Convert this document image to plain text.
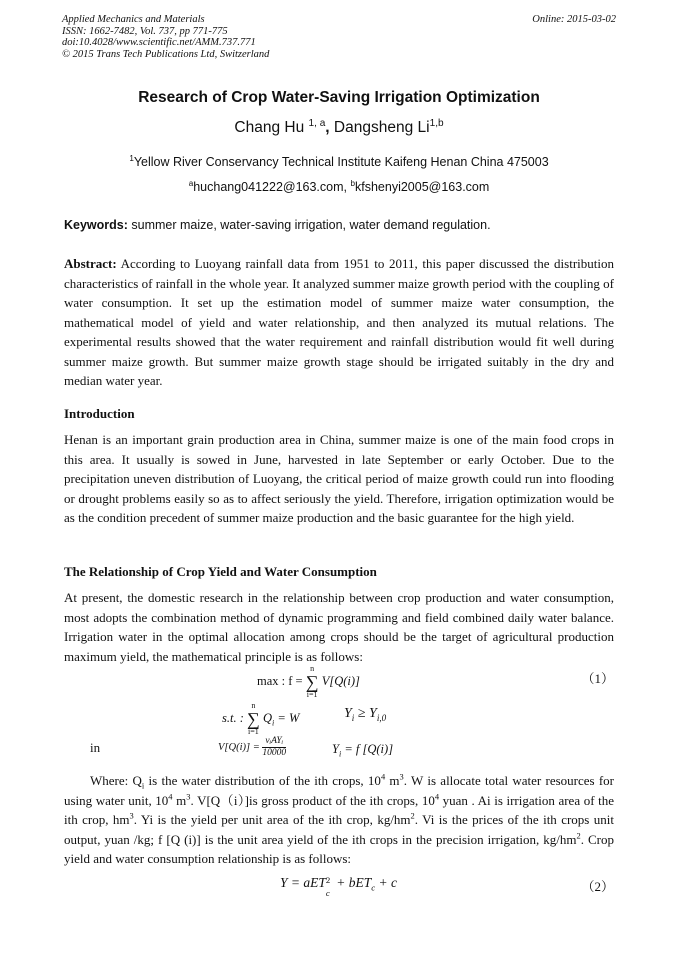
Applied Mechanics and Materials
ISSN: 1662-7482, Vol. 737, pp 771-775
doi:10.4028/www.scientific.net/AMM.737.771
© 2015 Trans Tech Publications Ltd, Switzerland
Online: 2015-03-02
Research of Crop Water-Saving Irrigation Optimization
Chang Hu $^{1, a}$, Dangsheng Li$^{1,b}$
$^1$Yellow River Conservancy Technical Institute Kaifeng Henan China 475003
$^a$huchang041222@163.com, $^b$kfshenyi2005@163.com
Keywords: summer maize, water-saving irrigation, water demand regulation.

Abstract: According to Luoyang rainfall data from 1951 to 2011, this paper discussed the distribution characteristics of rainfall in the whole year. It analyzed summer maize growth period with the coupling of water consumption. It set up the estimation model of summer maize water consumption, the mathematical model of yield and water relationship, and then analyzed its mutual relations. The experimental results showed that the water requirement and rainfall distribution would fit well during summer maize growth. But summer maize growth stage should be irrigated suitably in the dry and median water year.

Introduction

Henan is an important grain production area in China, summer maize is one of the main food crops in this area. It usually is sowed in June, harvested in late September or early October. Due to the precipitation uneven distribution of Luoyang, the critical period of maize growth could run into flooding or drought problems easily so as to affect seriously the yield. Therefore, irrigation optimization would be as the condition precedent of summer maize production and the basic guarantee for the high yield.

The Relationship of Crop Yield and Water Consumption

At present, the domestic research in the relationship between crop production and water consumption, most adopts the combination method of dynamic programming and field combined daily water balance. Irrigation water in the optimal allocation among crops should be the target of agricultural production maximum yield, the mathematical principle is as follows:

max : f = n
∑
i=1 V[Q(i)]	（1）
s.t. : n
∑
i=1 $Q_i = W$	$Y_i \ge Y_{i,0}$
in	$V[Q(i)] = \frac{\text{vᵢAYᵢ}}{10000}$	$Y_i = f$ [Q(i)]

Where: $Q_i$ is the water distribution of the ith crops, $10^4$ $m^3$. W is allocate total water resources for using water unit, $10^4$ $m^3$. V[Q（i）]is gross product of the ith crops, $10^4$ yuan . Ai is irrigation area of the ith crop, $hm^3$. Yi is the yield per unit area of the ith crop, $kg/hm^2$. Vi is the prices of the ith crops unit output, yuan /kg; f [Q (i)] is the unit area yield of the ith crops in the precision irrigation, $kg/hm^2$. Crop yield and water consumption relationship is as follows:

Y = aET 2
c
+ bET$_c$ + c	（2）
